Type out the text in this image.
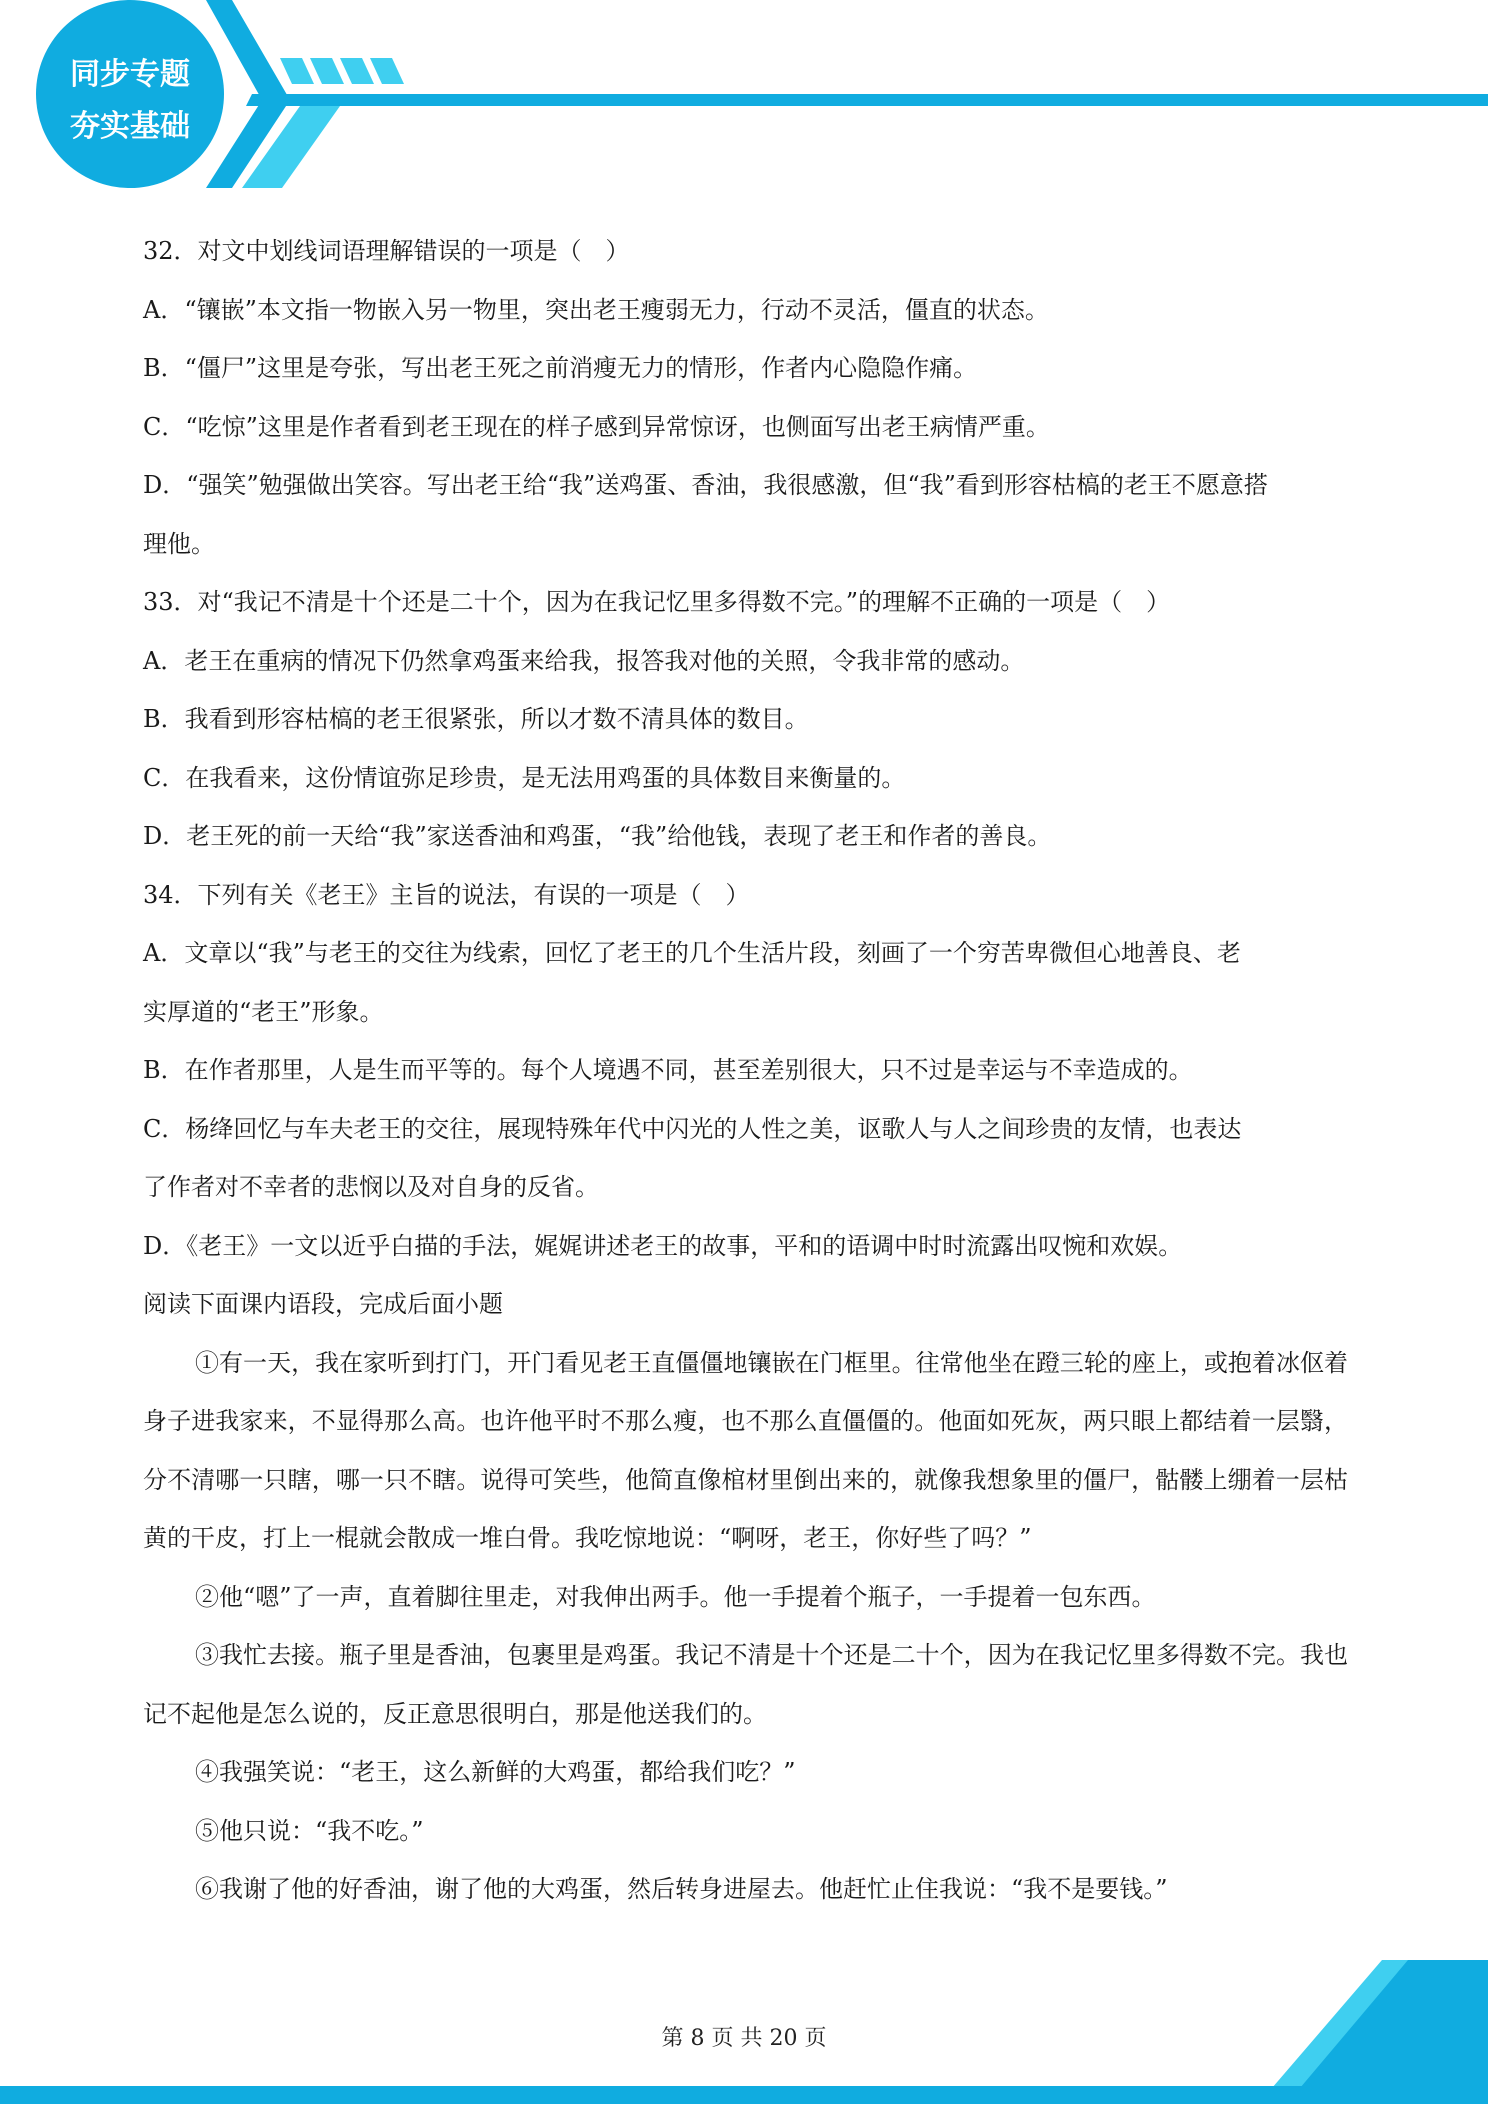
同步专题
夯实基础
32．对文中划线词语理解错误的一项是（　）
A．“镶嵌”本文指一物嵌入另一物里，突出老王瘦弱无力，行动不灵活，僵直的状态。
B．“僵尸”这里是夸张，写出老王死之前消瘦无力的情形，作者内心隐隐作痛。
C．“吃惊”这里是作者看到老王现在的样子感到异常惊讶，也侧面写出老王病情严重。
D．“强笑”勉强做出笑容。写出老王给“我”送鸡蛋、香油，我很感激，但“我”看到形容枯槁的老王不愿意搭
理他。
33．对“我记不清是十个还是二十个，因为在我记忆里多得数不完。”的理解不正确的一项是（　）
A．老王在重病的情况下仍然拿鸡蛋来给我，报答我对他的关照，令我非常的感动。
B．我看到形容枯槁的老王很紧张，所以才数不清具体的数目。
C．在我看来，这份情谊弥足珍贵，是无法用鸡蛋的具体数目来衡量的。
D．老王死的前一天给“我”家送香油和鸡蛋，“我”给他钱，表现了老王和作者的善良。
34．下列有关《老王》主旨的说法，有误的一项是（　）
A．文章以“我”与老王的交往为线索，回忆了老王的几个生活片段，刻画了一个穷苦卑微但心地善良、老
实厚道的“老王”形象。
B．在作者那里，人是生而平等的。每个人境遇不同，甚至差别很大，只不过是幸运与不幸造成的。
C．杨绛回忆与车夫老王的交往，展现特殊年代中闪光的人性之美，讴歌人与人之间珍贵的友情，也表达
了作者对不幸者的悲悯以及对自身的反省。
D．《老王》一文以近乎白描的手法，娓娓讲述老王的故事，平和的语调中时时流露出叹惋和欢娱。
阅读下面课内语段，完成后面小题

①有一天，我在家听到打门，开门看见老王直僵僵地镶嵌在门框里。往常他坐在蹬三轮的座上，或抱着冰伛着身子进我家来，不显得那么高。也许他平时不那么瘦，也不那么直僵僵的。他面如死灰，两只眼上都结着一层翳，分不清哪一只瞎，哪一只不瞎。说得可笑些，他简直像棺材里倒出来的，就像我想象里的僵尸，骷髅上绷着一层枯黄的干皮，打上一棍就会散成一堆白骨。我吃惊地说：“啊呀，老王，你好些了吗？”

②他“嗯”了一声，直着脚往里走，对我伸出两手。他一手提着个瓶子，一手提着一包东西。

③我忙去接。瓶子里是香油，包裹里是鸡蛋。我记不清是十个还是二十个，因为在我记忆里多得数不完。我也记不起他是怎么说的，反正意思很明白，那是他送我们的。

④我强笑说：“老王，这么新鲜的大鸡蛋，都给我们吃？”

⑤他只说：“我不吃。”

⑥我谢了他的好香油，谢了他的大鸡蛋，然后转身进屋去。他赶忙止住我说：“我不是要钱。”

第 8 页 共 20 页
